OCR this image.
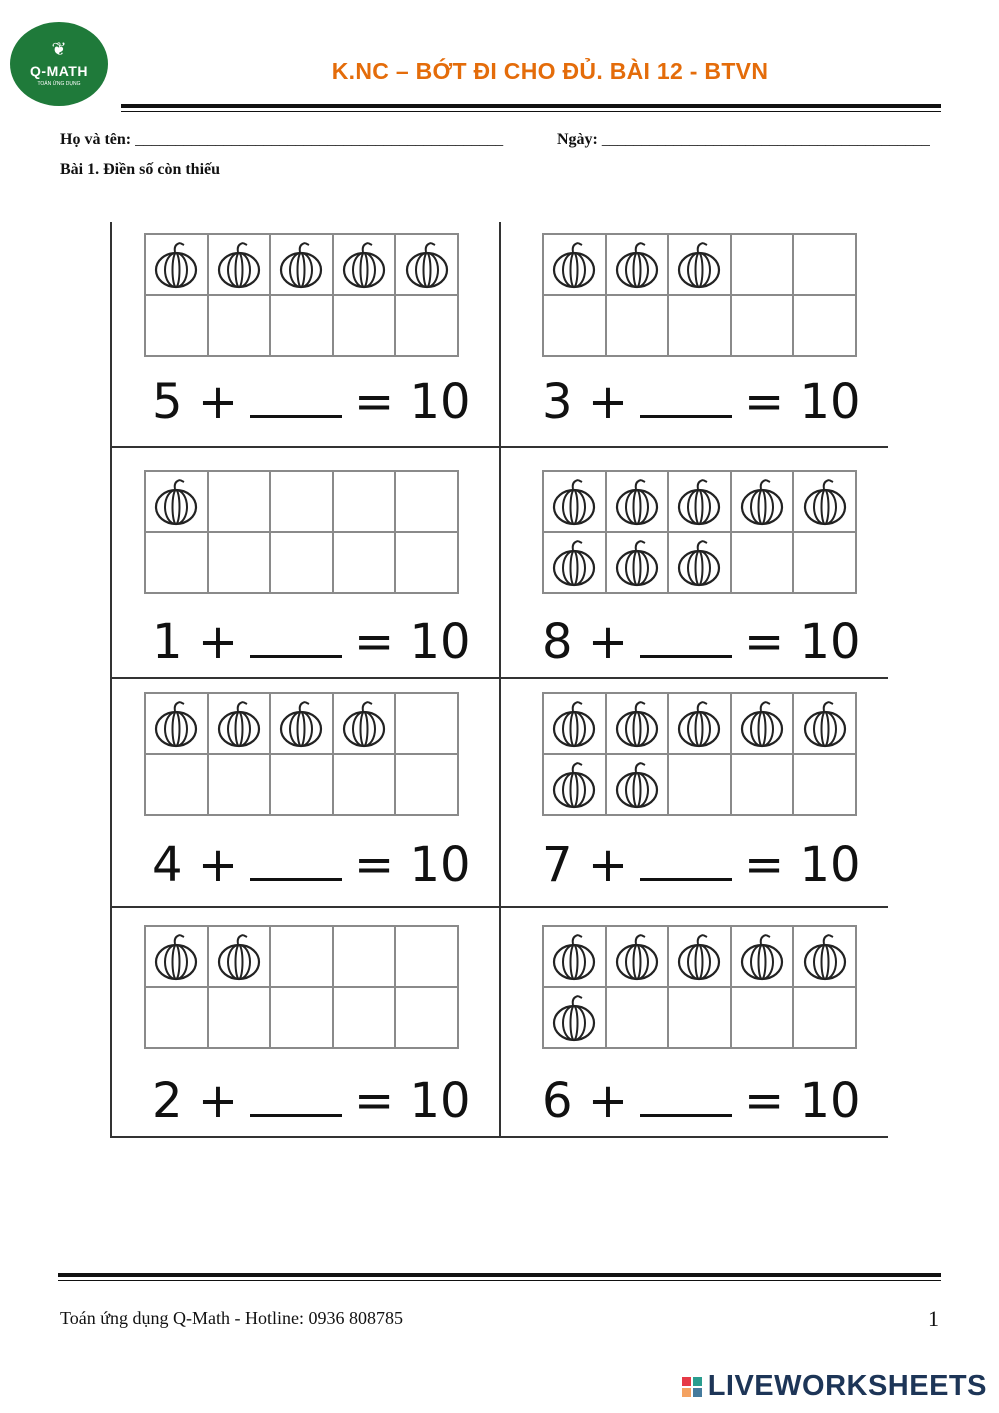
❦
Q-MATH
TOÁN ỨNG DỤNG	K.NC – BỚT ĐI CHO ĐỦ. BÀI 12 - BTVN
Họ và tên: ______________________________________________	Ngày: _________________________________________
Bài 1. Điền số còn thiếu
5 + = 10	3 + = 10
1 + = 10	8 + = 10
4 + = 10	7 + = 10
2 + = 10	6 + = 10
Toán ứng dụng Q-Math - Hotline: 0936 808785	1
LIVEWORKSHEETS
